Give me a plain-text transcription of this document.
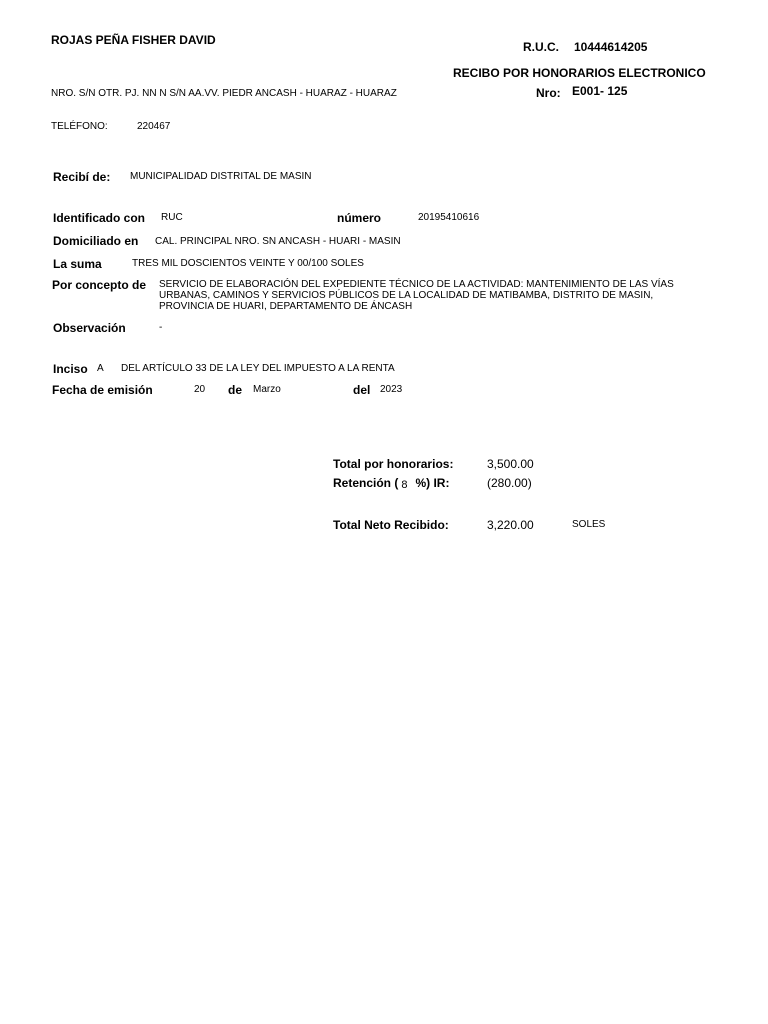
ROJAS PEÑA FISHER DAVID	R.U.C. 10444614205
RECIBO POR HONORARIOS ELECTRONICO
NRO. S/N OTR. PJ. NN N S/N AA.VV. PIEDR ANCASH - HUARAZ - HUARAZ	Nro: E001- 125
TELÉFONO:	220467
Recibí de: MUNICIPALIDAD DISTRITAL DE MASIN
Identificado con RUC	número	20195410616
Domiciliado en CAL. PRINCIPAL NRO. SN ANCASH - HUARI - MASIN
La suma	TRES MIL DOSCIENTOS VEINTE Y 00/100 SOLES
Por concepto de SERVICIO DE ELABORACIÓN DEL EXPEDIENTE TÉCNICO DE LA ACTIVIDAD: MANTENIMIENTO DE LAS VÍAS
URBANAS, CAMINOS Y SERVICIOS PÚBLICOS DE LA LOCALIDAD DE MATIBAMBA, DISTRITO DE MASIN,
PROVINCIA DE HUARI, DEPARTAMENTO DE ÁNCASH
Observación	-
Inciso A DEL ARTÍCULO 33 DE LA LEY DEL IMPUESTO A LA RENTA
Fecha de emisión	20 de Marzo	del 2023
Total por honorarios:	3,500.00
Retención ( 8 %) IR:	(280.00)
Total Neto Recibido:	3,220.00	SOLES
